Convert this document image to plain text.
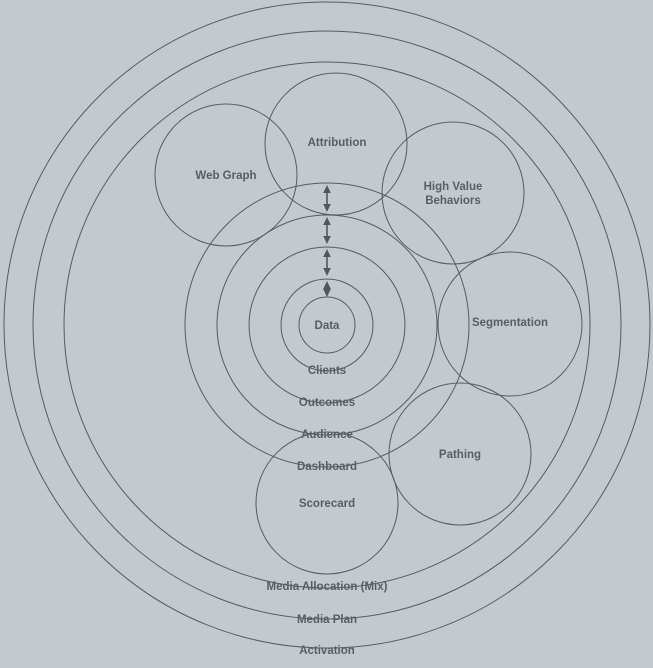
Data
Clients
Outcomes
Audience
Dashboard
Media Allocation (Mix)
Media Plan
Activation
Web Graph
Attribution
High Value
Behaviors
Segmentation
Pathing
Scorecard
